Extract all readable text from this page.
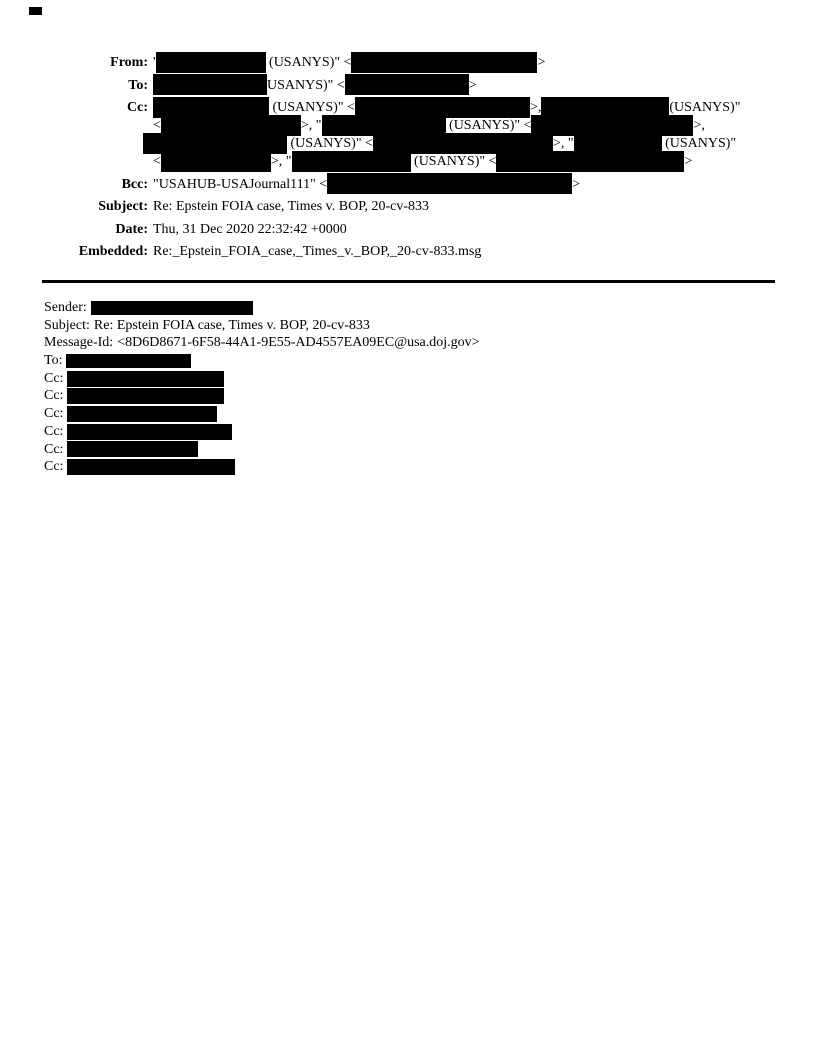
From: '	(USANYS)" <	>
To:	USANYS)" <	>
Cc:	(USANYS)" <	>,	(USANYS)"
<	>, "	(USANYS)" <	>,
(USANYS)" <	>, "	(USANYS)"
<	>, "	(USANYS)" <	>
Bcc: "USAHUB-USAJournal111" <	>
Subject: Re: Epstein FOIA case, Times v. BOP, 20-cv-833
Date: Thu, 31 Dec 2020 22:32:42 +0000
Embedded: Re:_Epstein_FOIA_case,_Times_v._BOP,_20-cv-833.msg
Sender:
Subject: Re: Epstein FOIA case, Times v. BOP, 20-cv-833
Message-Id: <8D6D8671-6F58-44A1-9E55-AD4557EA09EC@usa.doj.gov>
To:
Cc:
Cc:
Cc:
Cc:
Cc:
Cc:
